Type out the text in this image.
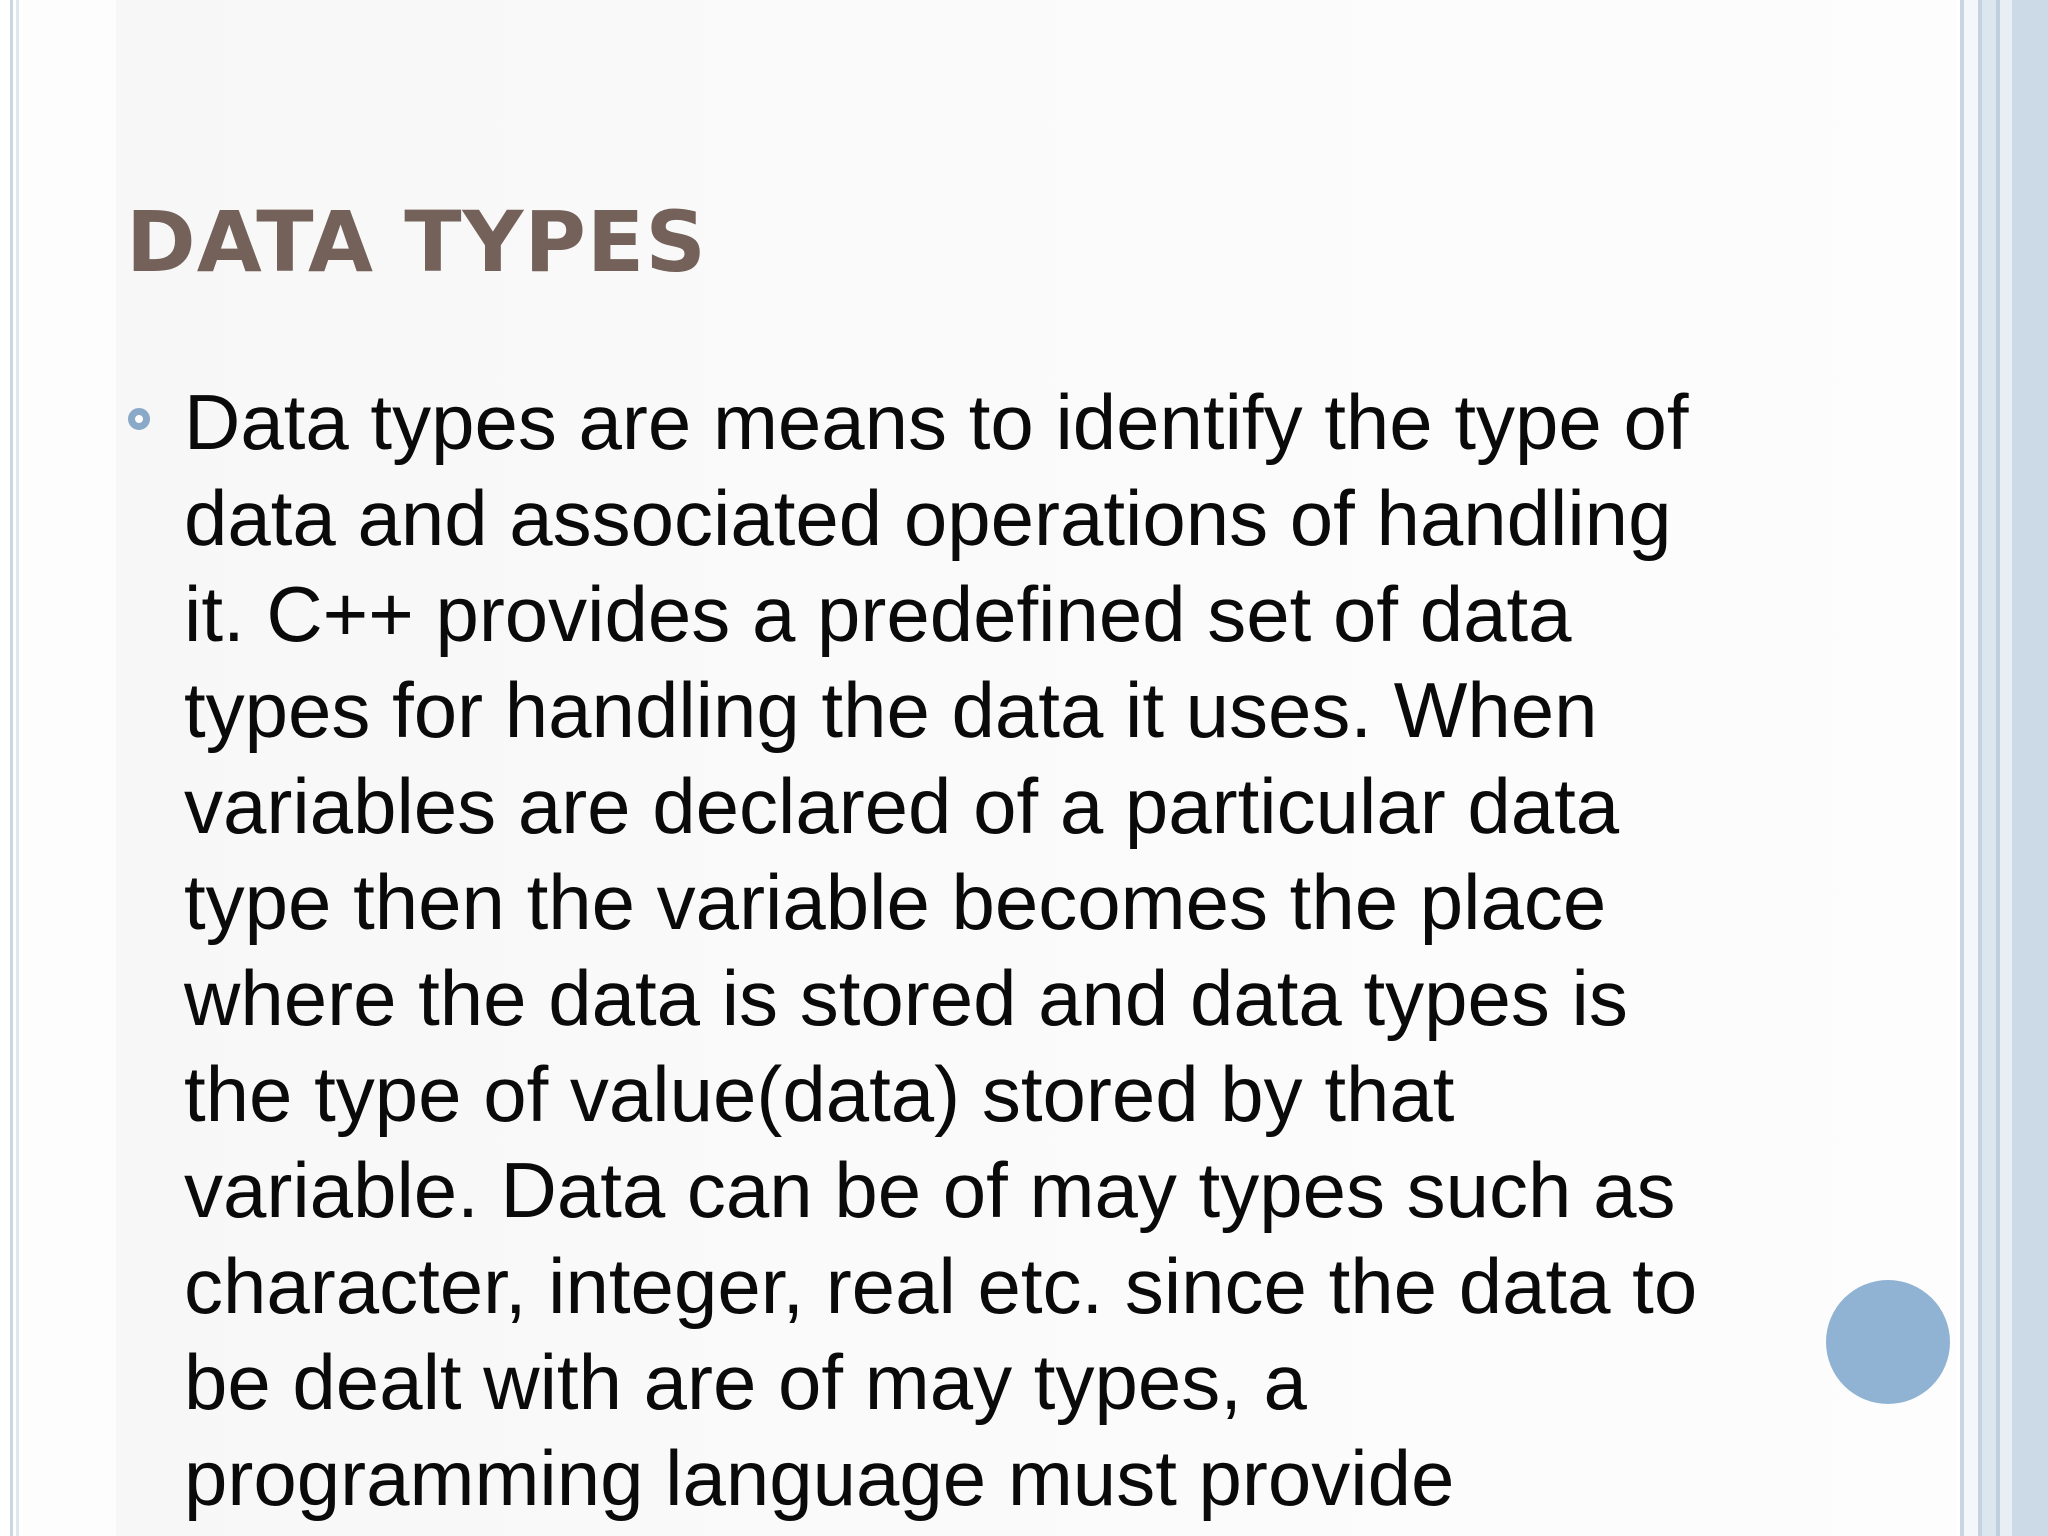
DATA TYPES

Data types are means to identify the type of
data and associated operations of handling
it. C++ provides a predefined set of data
types for handling the data it uses. When
variables are declared of a particular data
type then the variable becomes the place
where the data is stored and data types is
the type of value(data) stored by that
variable. Data can be of may types such as
character, integer, real etc. since the data to
be dealt with are of may types, a
programming language must provide
